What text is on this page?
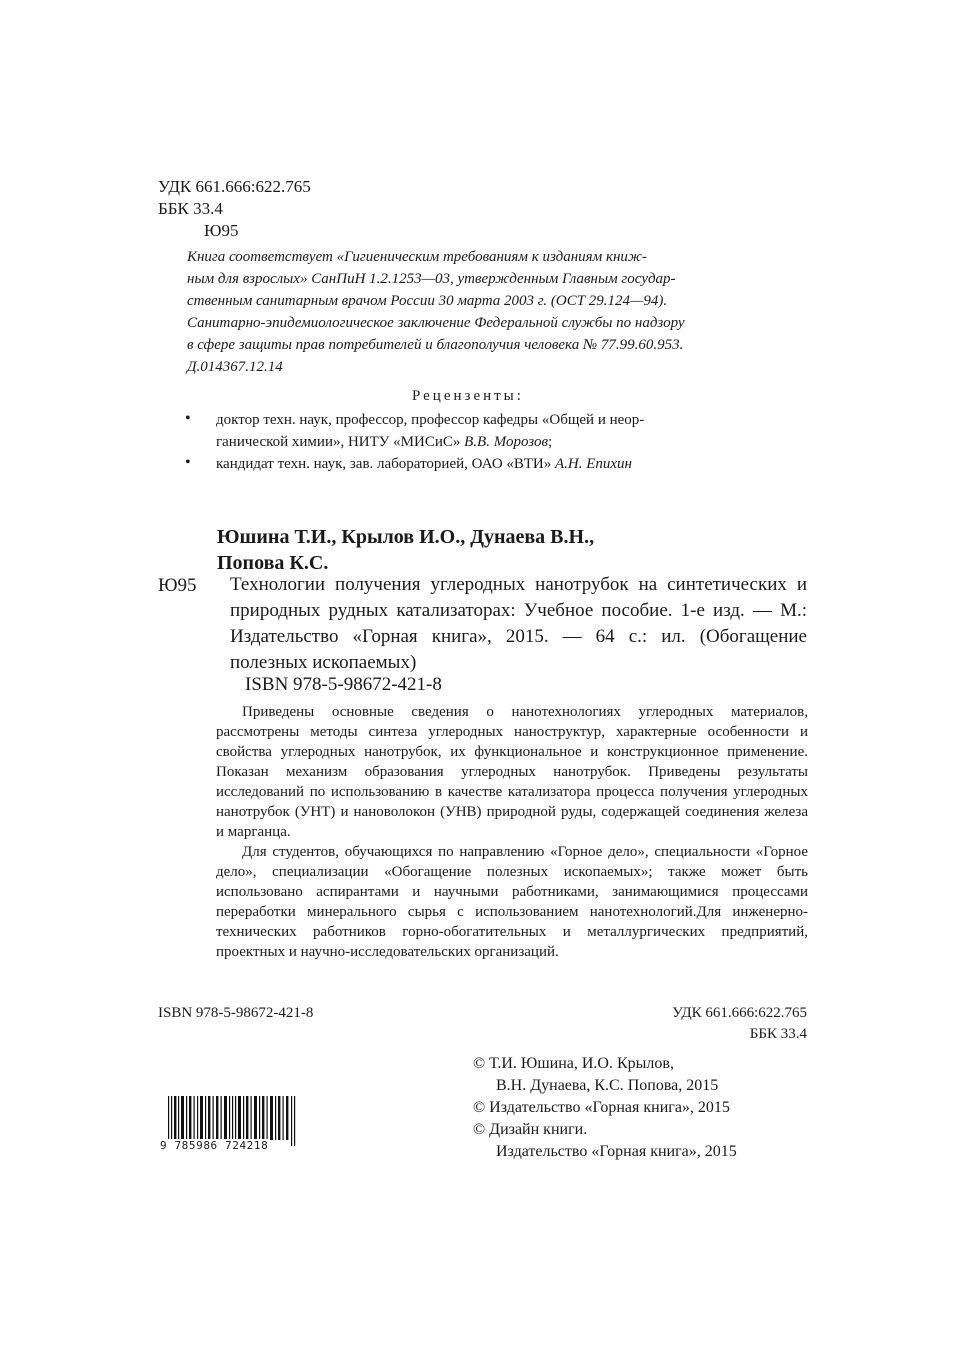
УДК 661.666:622.765
ББК 33.4
Ю95
Книга соответствует «Гигиеническим требованиям к изданиям книж-
ным для взрослых» СанПиН 1.2.1253—03, утвержденным Главным государ-
ственным санитарным врачом России 30 марта 2003 г. (ОСТ 29.124—94).
Санитарно-эпидемиологическое заключение Федеральной службы по надзору
в сфере защиты прав потребителей и благополучия человека № 77.99.60.953.
Д.014367.12.14
Рецензенты:
• доктор техн. наук, профессор, профессор кафедры «Общей и неор-
ганической химии», НИТУ «МИСиС» В.В. Морозов;
• кандидат техн. наук, зав. лабораторией, ОАО «ВТИ» А.Н. Епихин
Юшина Т.И., Крылов И.О., Дунаева В.Н.,
Попова К.С.
Ю95 Технологии получения углеродных нанотрубок на синтетических и природных рудных катализаторах: Учебное пособие. 1-е изд. — М.: Издательство «Горная книга», 2015. — 64 с.: ил. (Обогащение полезных ископаемых)
ISBN 978-5-98672-421-8

Приведены основные сведения о нанотехнологиях углеродных материалов, рассмотрены методы синтеза углеродных наноструктур, характерные особенности и свойства углеродных нанотрубок, их функциональное и конструкционное применение. Показан механизм образования углеродных нанотрубок. Приведены результаты исследований по использованию в качестве катализатора процесса получения углеродных нанотрубок (УНТ) и нановолокон (УНВ) природной руды, содержащей соединения железа и марганца.

Для студентов, обучающихся по направлению «Горное дело», специальности «Горное дело», специализации «Обогащение полезных ископаемых»; также может быть использовано аспирантами и научными работниками, занимающимися процессами переработки минерального сырья с использованием нанотехнологий.Для инженерно-технических работников горно-обогатительных и металлургических предприятий, проектных и научно-исследовательских организаций.

ISBN 978-5-98672-421-8	УДК 661.666:622.765
ББК 33.4
© Т.И. Юшина, И.О. Крылов,
В.Н. Дунаева, К.С. Попова, 2015
© Издательство «Горная книга», 2015
© Дизайн книги.
Издательство «Горная книга», 2015
9 785986 724218
